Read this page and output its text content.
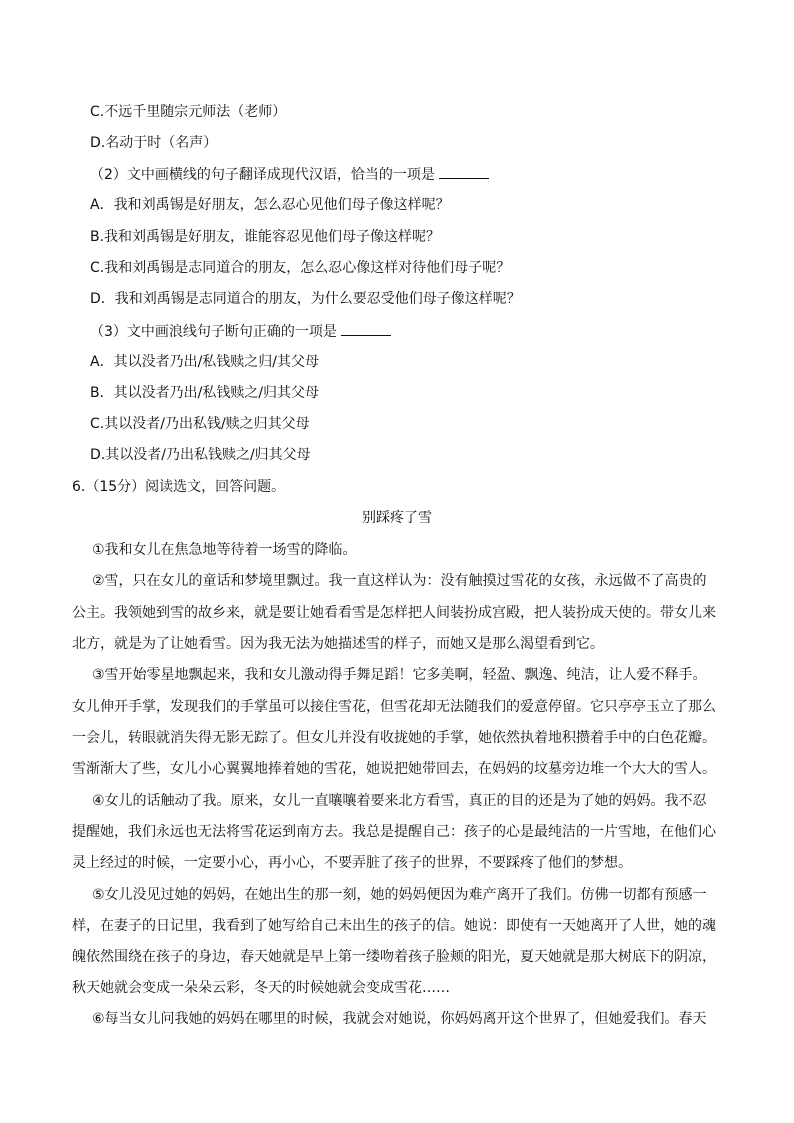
C.不远千里随宗元师法（老师）
D.名动于时（名声）
（2）文中画横线的句子翻译成现代汉语，恰当的一项是
A．我和刘禹锡是好朋友，怎么忍心见他们母子像这样呢？
B.我和刘禹锡是好朋友，谁能容忍见他们母子像这样呢？
C.我和刘禹锡是志同道合的朋友，怎么忍心像这样对待他们母子呢？
D．我和刘禹锡是志同道合的朋友，为什么要忍受他们母子像这样呢？
（3）文中画浪线句子断句正确的一项是
A．其以没者乃出/私钱赎之归/其父母
B．其以没者乃出/私钱赎之/归其父母
C.其以没者/乃出私钱/赎之归其父母
D.其以没者/乃出私钱赎之/归其父母
6.（15分）阅读选文，回答问题。
别踩疼了雪
①我和女儿在焦急地等待着一场雪的降临。
②雪，只在女儿的童话和梦境里飘过。我一直这样认为：没有触摸过雪花的女孩，永远做不了高贵的
公主。我领她到雪的故乡来，就是要让她看看雪是怎样把人间装扮成宫殿，把人装扮成天使的。带女儿来
北方，就是为了让她看雪。因为我无法为她描述雪的样子，而她又是那么渴望看到它。
③雪开始零星地飘起来，我和女儿激动得手舞足蹈！它多美啊，轻盈、飘逸、纯洁，让人爱不释手。
女儿伸开手掌，发现我们的手掌虽可以接住雪花，但雪花却无法随我们的爱意停留。它只亭亭玉立了那么
一会儿，转眼就消失得无影无踪了。但女儿并没有收拢她的手掌，她依然执着地积攒着手中的白色花瓣。
雪渐渐大了些，女儿小心翼翼地捧着她的雪花，她说把她带回去，在妈妈的坟墓旁边堆一个大大的雪人。
④女儿的话触动了我。原来，女儿一直嚷嚷着要来北方看雪，真正的目的还是为了她的妈妈。我不忍
提醒她，我们永远也无法将雪花运到南方去。我总是提醒自己：孩子的心是最纯洁的一片雪地，在他们心
灵上经过的时候，一定要小心，再小心，不要弄脏了孩子的世界，不要踩疼了他们的梦想。
⑤女儿没见过她的妈妈，在她出生的那一刻，她的妈妈便因为难产离开了我们。仿佛一切都有预感一
样，在妻子的日记里，我看到了她写给自己未出生的孩子的信。她说：即使有一天她离开了人世，她的魂
魄依然围绕在孩子的身边，春天她就是早上第一缕吻着孩子脸颊的阳光，夏天她就是那大树底下的阴凉，
秋天她就会变成一朵朵云彩，冬天的时候她就会变成雪花……
⑥每当女儿问我她的妈妈在哪里的时候，我就会对她说，你妈妈离开这个世界了，但她爱我们。春天
